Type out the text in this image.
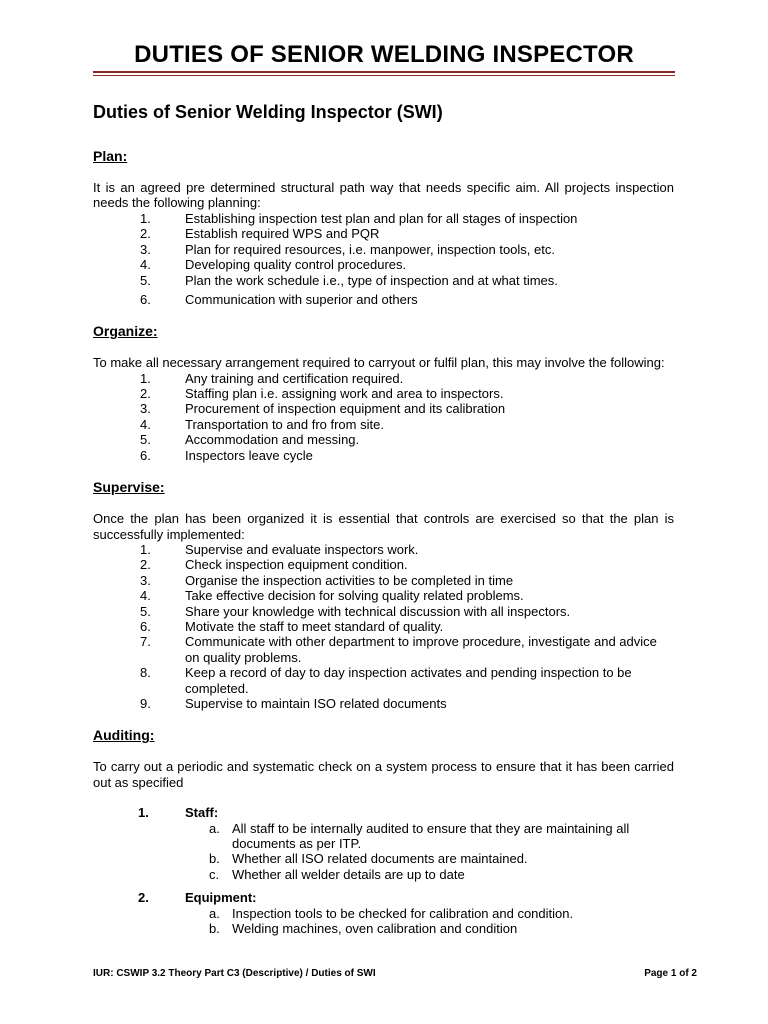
DUTIES OF SENIOR WELDING INSPECTOR
Duties of Senior Welding Inspector (SWI)
Plan:

It is an agreed pre determined structural path way that needs specific aim. All projects inspection needs the following planning:

1.	Establishing inspection test plan and plan for all stages of inspection
2.	Establish required WPS and PQR
3.	Plan for required resources, i.e. manpower, inspection tools, etc.
4.	Developing quality control procedures.
5.	Plan the work schedule i.e., type of inspection and at what times.
6.	Communication with superior and others
Organize:

To make all necessary arrangement required to carryout or fulfil plan, this may involve the following:

1.	Any training and certification required.
2.	Staffing plan i.e. assigning work and area to inspectors.
3.	Procurement of inspection equipment and its calibration
4.	Transportation to and fro from site.
5.	Accommodation and messing.
6.	Inspectors leave cycle
Supervise:

Once the plan has been organized it is essential that controls are exercised so that the plan is successfully implemented:

1.	Supervise and evaluate inspectors work.
2.	Check inspection equipment condition.
3.	Organise the inspection activities to be completed in time
4.	Take effective decision for solving quality related problems.
5.	Share your knowledge with technical discussion with all inspectors.
6.	Motivate the staff to meet standard of quality.
7.	Communicate with other department to improve procedure, investigate and advice on quality problems.
8.	Keep a record of day to day inspection activates and pending inspection to be completed.
9.	Supervise to maintain ISO related documents
Auditing:

To carry out a periodic and systematic check on a system process to ensure that it has been carried out as specified

1.	Staff:
a. All staff to be internally audited to ensure that they are maintaining all documents as per ITP.
b. Whether all ISO related documents are maintained.
c. Whether all welder details are up to date
2.	Equipment:
a. Inspection tools to be checked for calibration and condition.
b. Welding machines, oven calibration and condition
IUR: CSWIP 3.2 Theory Part C3 (Descriptive) / Duties of SWI	Page 1 of 2
